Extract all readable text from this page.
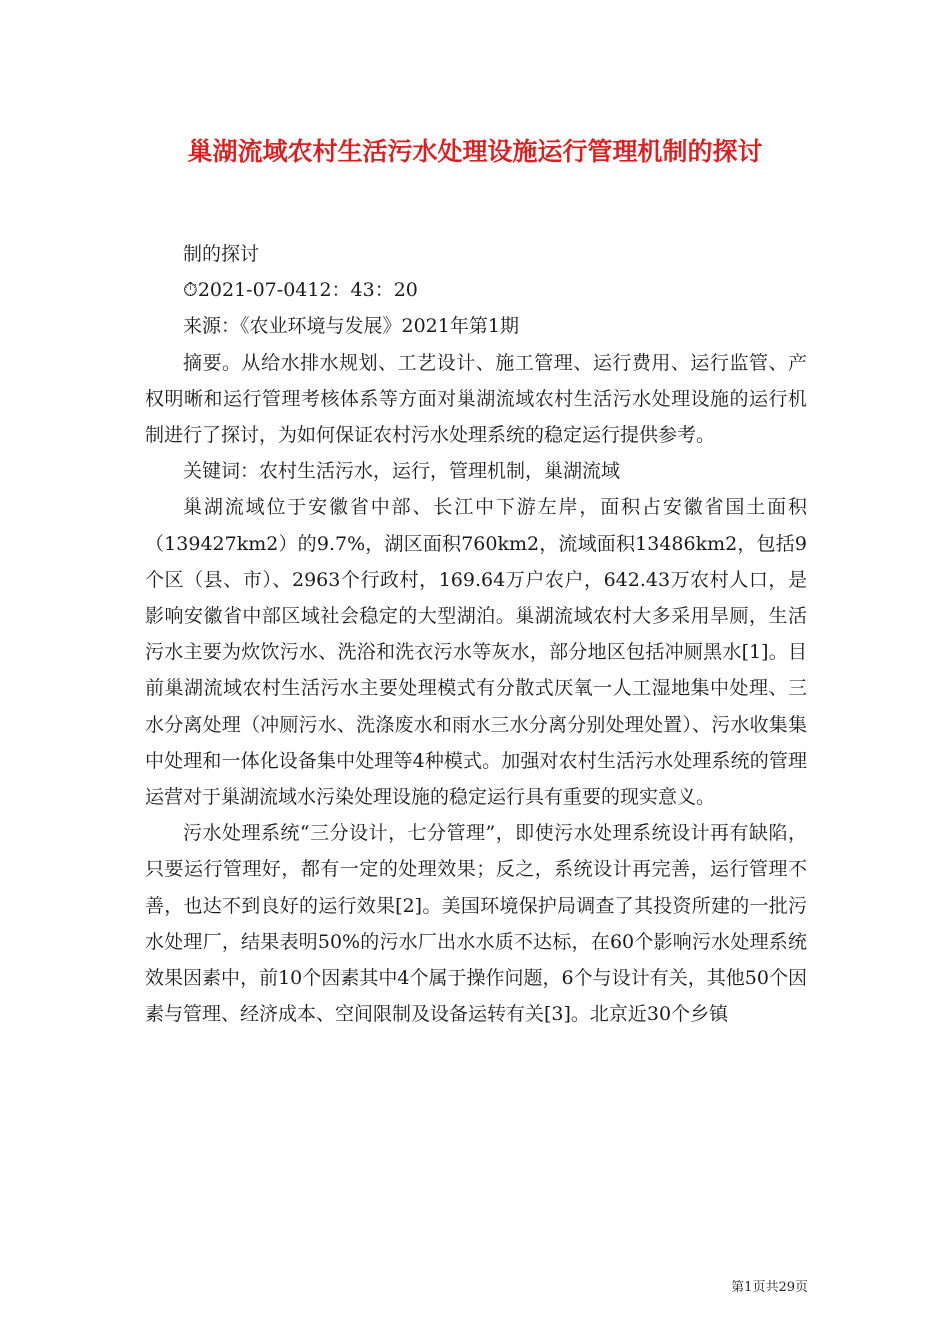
巢湖流域农村生活污水处理设施运行管理机制的探讨

制的探讨

⏱2021-07-0412：43：20

来源：《农业环境与发展》2021年第1期

摘要。从给水排水规划、工艺设计、施工管理、运行费用、运行监管、产权明晰和运行管理考核体系等方面对巢湖流域农村生活污水处理设施的运行机制进行了探讨，为如何保证农村污水处理系统的稳定运行提供参考。

关键词：农村生活污水，运行，管理机制，巢湖流域

巢湖流域位于安徽省中部、长江中下游左岸，面积占安徽省国土面积（139427km2）的9.7%，湖区面积760km2，流域面积13486km2，包括9个区（县、市）、2963个行政村，169.64万户农户，642.43万农村人口，是影响安徽省中部区域社会稳定的大型湖泊。巢湖流域农村大多采用旱厕，生活污水主要为炊饮污水、洗浴和洗衣污水等灰水，部分地区包括冲厕黑水[1]。目前巢湖流域农村生活污水主要处理模式有分散式厌氧一人工湿地集中处理、三水分离处理（冲厕污水、洗涤废水和雨水三水分离分别处理处置）、污水收集集中处理和一体化设备集中处理等4种模式。加强对农村生活污水处理系统的管理运营对于巢湖流域水污染处理设施的稳定运行具有重要的现实意义。

污水处理系统“三分设计，七分管理”，即使污水处理系统设计再有缺陷，只要运行管理好，都有一定的处理效果；反之，系统设计再完善，运行管理不善，也达不到良好的运行效果[2]。美国环境保护局调查了其投资所建的一批污水处理厂，结果表明50%的污水厂出水水质不达标，在60个影响污水处理系统效果因素中，前10个因素其中4个属于操作问题，6个与设计有关，其他50个因素与管理、经济成本、空间限制及设备运转有关[3]。北京近30个乡镇

第1页共29页
